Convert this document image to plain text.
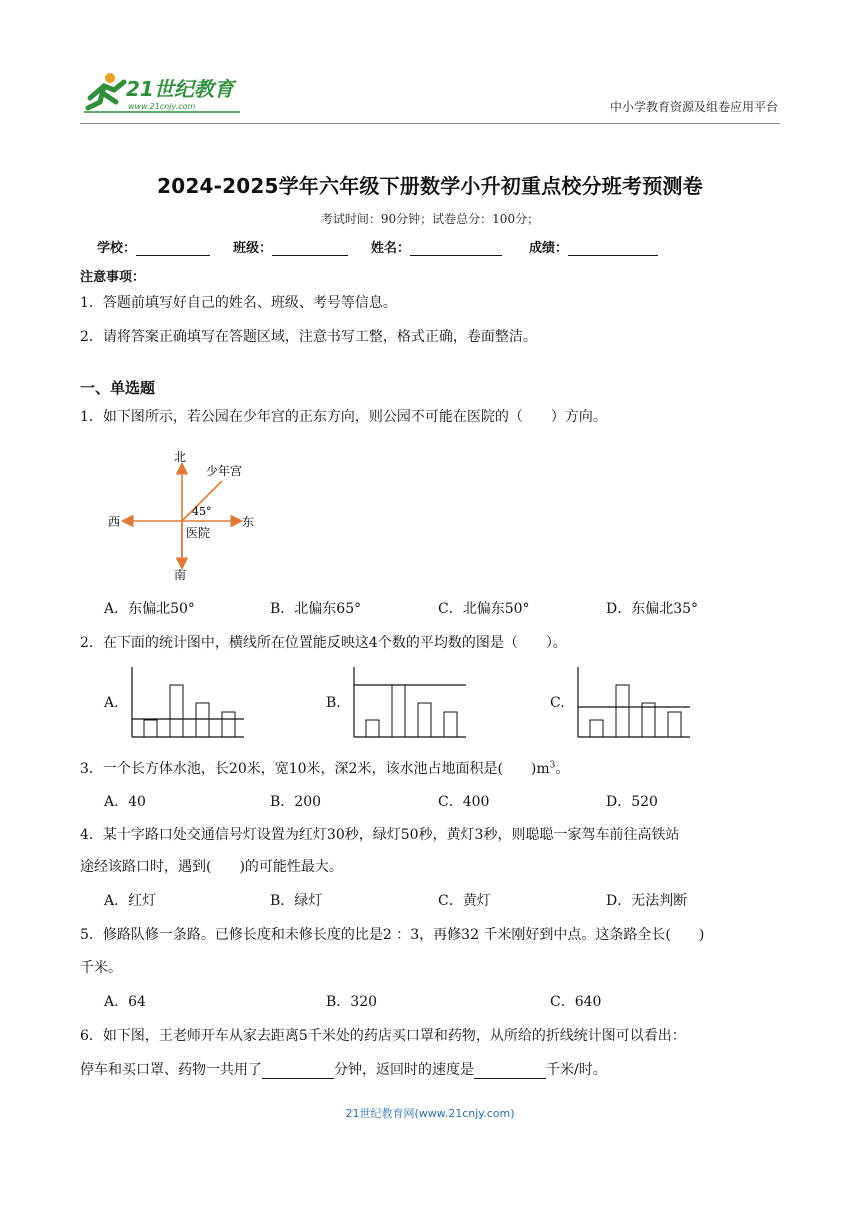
21世纪教育
www.21cnjy.com	中小学教育资源及组卷应用平台
2024-2025学年六年级下册数学小升初重点校分班考预测卷
考试时间：90分钟；试卷总分：100分；
学校：	班级：	姓名：	成绩：
注意事项：
1．答题前填写好自己的姓名、班级、考号等信息。
2．请将答案正确填写在答题区域，注意书写工整，格式正确，卷面整洁。
一、单选题
1．如下图所示，若公园在少年宫的正东方向，则公园不可能在医院的（　　）方向。
北
南
东
西
少年宫
医院
45°
A．东偏北50°	B．北偏东65°	C．北偏东50°	D．东偏北35°
2．在下面的统计图中，横线所在位置能反映这4个数的平均数的图是（　　）。
A.	B.	C.
3．一个长方体水池，长20米，宽10米，深2米，该水池占地面积是(　　)$m^3$。
A．40	B．200	C．400	D．520
4．某十字路口处交通信号灯设置为红灯30秒，绿灯50秒，黄灯3秒，则聪聪一家驾车前往高铁站
途经该路口时，遇到(　　)的可能性最大。
A．红灯	B．绿灯	C．黄灯	D．无法判断
5．修路队修一条路。已修长度和未修长度的比是2 ：3，再修32 千米刚好到中点。这条路全长(　　)
千米。
A．64	B．320	C．640
6．如下图，王老师开车从家去距离5千米处的药店买口罩和药物，从所给的折线统计图可以看出：
停车和买口罩、药物一共用了	分钟，返回时的速度是	千米/时。
21世纪教育网(www.21cnjy.com)
